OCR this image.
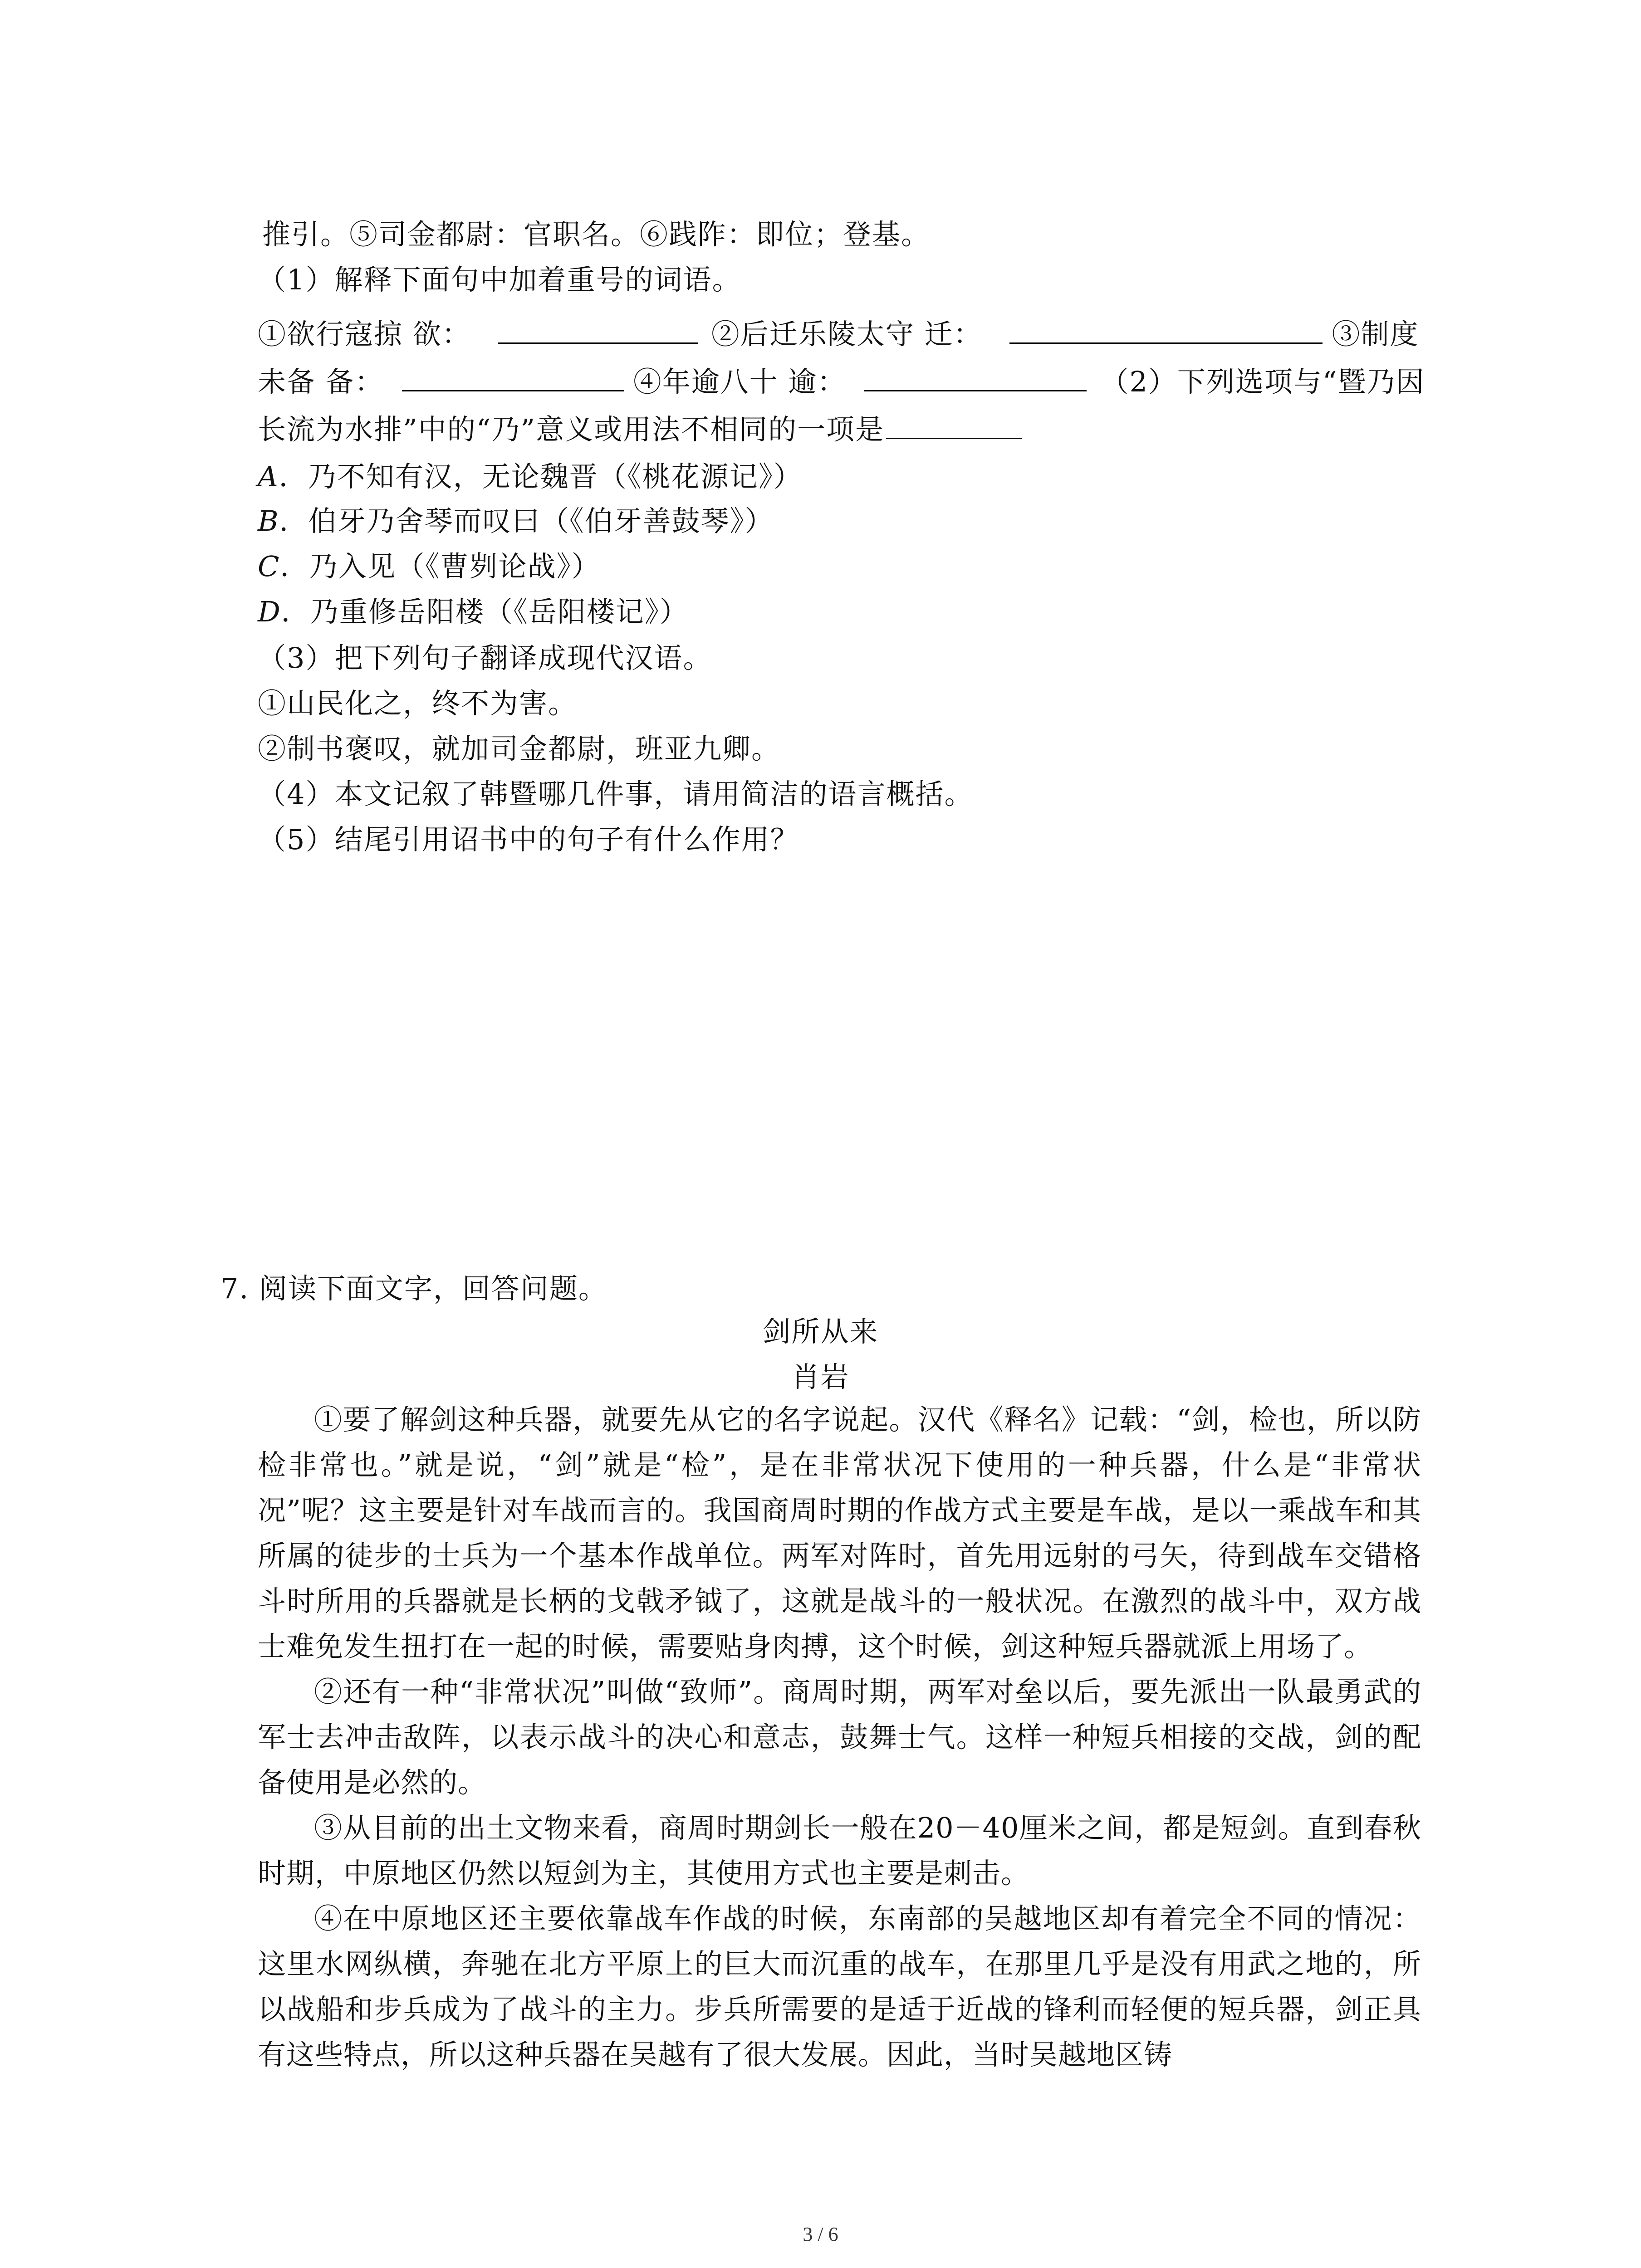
推引。⑤司金都尉：官职名。⑥践阼：即位；登基。
（1）解释下面句中加着重号的词语。
①欲行寇掠 欲：	②后迁乐陵太守 迁：	③制度
未备 备：	④年逾八十 逾：	（2）下列选项与“暨乃因
长流为水排”中的“乃”意义或用法不相同的一项是
A．乃不知有汉，无论魏晋（《桃花源记》）
B．伯牙乃舍琴而叹曰（《伯牙善鼓琴》）
C．乃入见（《曹刿论战》）
D．乃重修岳阳楼（《岳阳楼记》）
（3）把下列句子翻译成现代汉语。
①山民化之，终不为害。
②制书褒叹，就加司金都尉，班亚九卿。
（4）本文记叙了韩暨哪几件事，请用简洁的语言概括。
（5）结尾引用诏书中的句子有什么作用？
7. 阅读下面文字，回答问题。
剑所从来
肖岩
①要了解剑这种兵器，就要先从它的名字说起。汉代《释名》记载：“剑，检也，所以防检非常也。”就是说，“剑”就是“检”，是在非常状况下使用的一种兵器，什么是“非常状况”呢？这主要是针对车战而言的。我国商周时期的作战方式主要是车战，是以一乘战车和其所属的徒步的士兵为一个基本作战单位。两军对阵时，首先用远射的弓矢，待到战车交错格斗时所用的兵器就是长柄的戈戟矛钺了，这就是战斗的一般状况。在激烈的战斗中，双方战士难免发生扭打在一起的时候，需要贴身肉搏，这个时候，剑这种短兵器就派上用场了。
②还有一种“非常状况”叫做“致师”。商周时期，两军对垒以后，要先派出一队最勇武的军士去冲击敌阵，以表示战斗的决心和意志，鼓舞士气。这样一种短兵相接的交战，剑的配备使用是必然的。
③从目前的出土文物来看，商周时期剑长一般在20－40厘米之间，都是短剑。直到春秋时期，中原地区仍然以短剑为主，其使用方式也主要是刺击。
④在中原地区还主要依靠战车作战的时候，东南部的吴越地区却有着完全不同的情况：这里水网纵横，奔驰在北方平原上的巨大而沉重的战车，在那里几乎是没有用武之地的，所以战船和步兵成为了战斗的主力。步兵所需要的是适于近战的锋利而轻便的短兵器，剑正具有这些特点，所以这种兵器在吴越有了很大发展。因此，当时吴越地区铸
3 / 6
